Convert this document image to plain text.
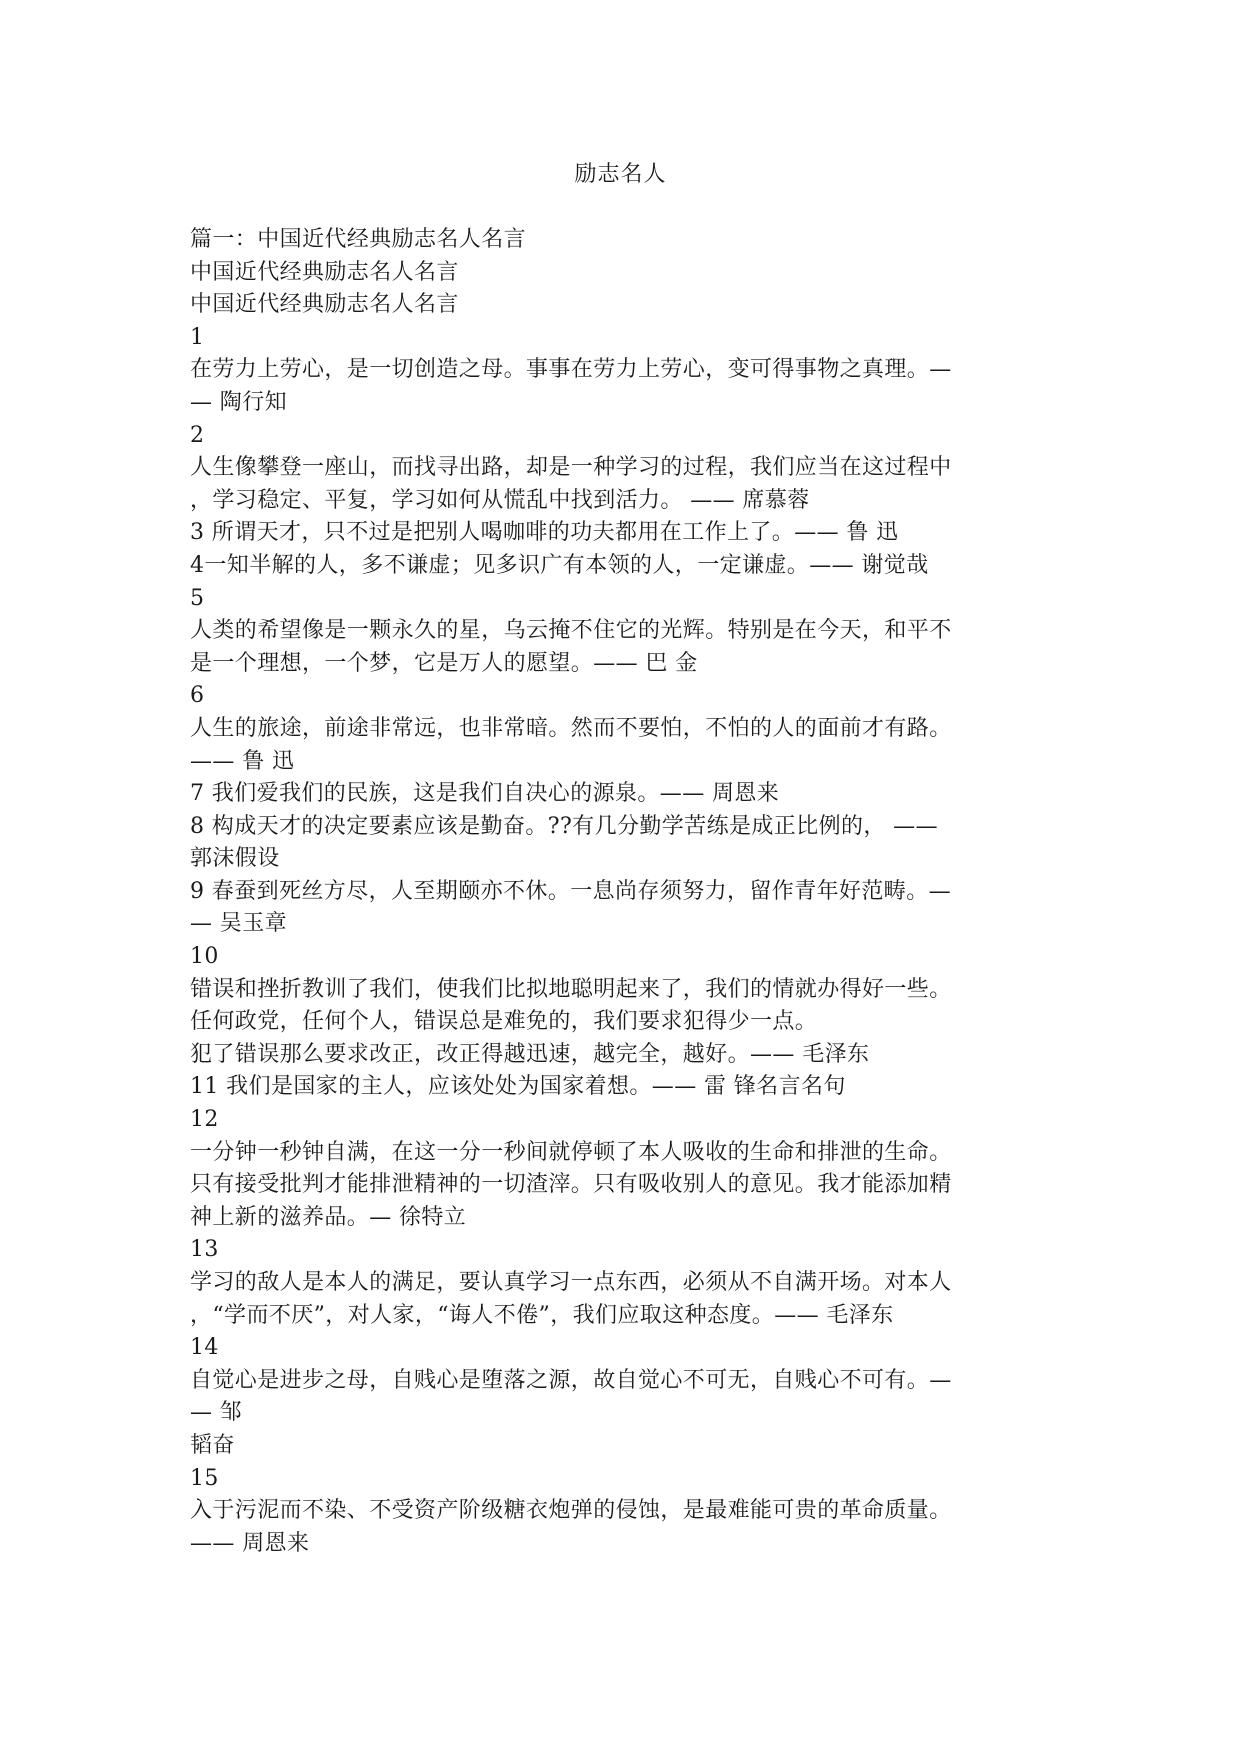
励志名人
篇一：中国近代经典励志名人名言
中国近代经典励志名人名言
中国近代经典励志名人名言
1
在劳力上劳心，是一切创造之母。事事在劳力上劳心，变可得事物之真理。—
— 陶行知
2
人生像攀登一座山，而找寻出路，却是一种学习的过程，我们应当在这过程中
，学习稳定、平复，学习如何从慌乱中找到活力。 —— 席慕蓉
3 所谓天才，只不过是把别人喝咖啡的功夫都用在工作上了。—— 鲁 迅
4一知半解的人，多不谦虚；见多识广有本领的人，一定谦虚。—— 谢觉哉
5
人类的希望像是一颗永久的星，乌云掩不住它的光辉。特别是在今天，和平不
是一个理想，一个梦，它是万人的愿望。—— 巴 金
6
人生的旅途，前途非常远，也非常暗。然而不要怕，不怕的人的面前才有路。
—— 鲁 迅
7 我们爱我们的民族，这是我们自决心的源泉。—— 周恩来
8 构成天才的决定要素应该是勤奋。??有几分勤学苦练是成正比例的， ——
郭沫假设
9 春蚕到死丝方尽，人至期颐亦不休。一息尚存须努力，留作青年好范畴。—
— 吴玉章
10
错误和挫折教训了我们，使我们比拟地聪明起来了，我们的情就办得好一些。
任何政党，任何个人，错误总是难免的，我们要求犯得少一点。
犯了错误那么要求改正，改正得越迅速，越完全，越好。—— 毛泽东
11 我们是国家的主人，应该处处为国家着想。—— 雷 锋名言名句
12
一分钟一秒钟自满，在这一分一秒间就停顿了本人吸收的生命和排泄的生命。
只有接受批判才能排泄精神的一切渣滓。只有吸收别人的意见。我才能添加精
神上新的滋养品。— 徐特立
13
学习的敌人是本人的满足，要认真学习一点东西，必须从不自满开场。对本人
，“学而不厌”，对人家，“诲人不倦”，我们应取这种态度。—— 毛泽东
14
自觉心是进步之母，自贱心是堕落之源，故自觉心不可无，自贱心不可有。—
— 邹
韬奋
15
入于污泥而不染、不受资产阶级糖衣炮弹的侵蚀，是最难能可贵的革命质量。
—— 周恩来
